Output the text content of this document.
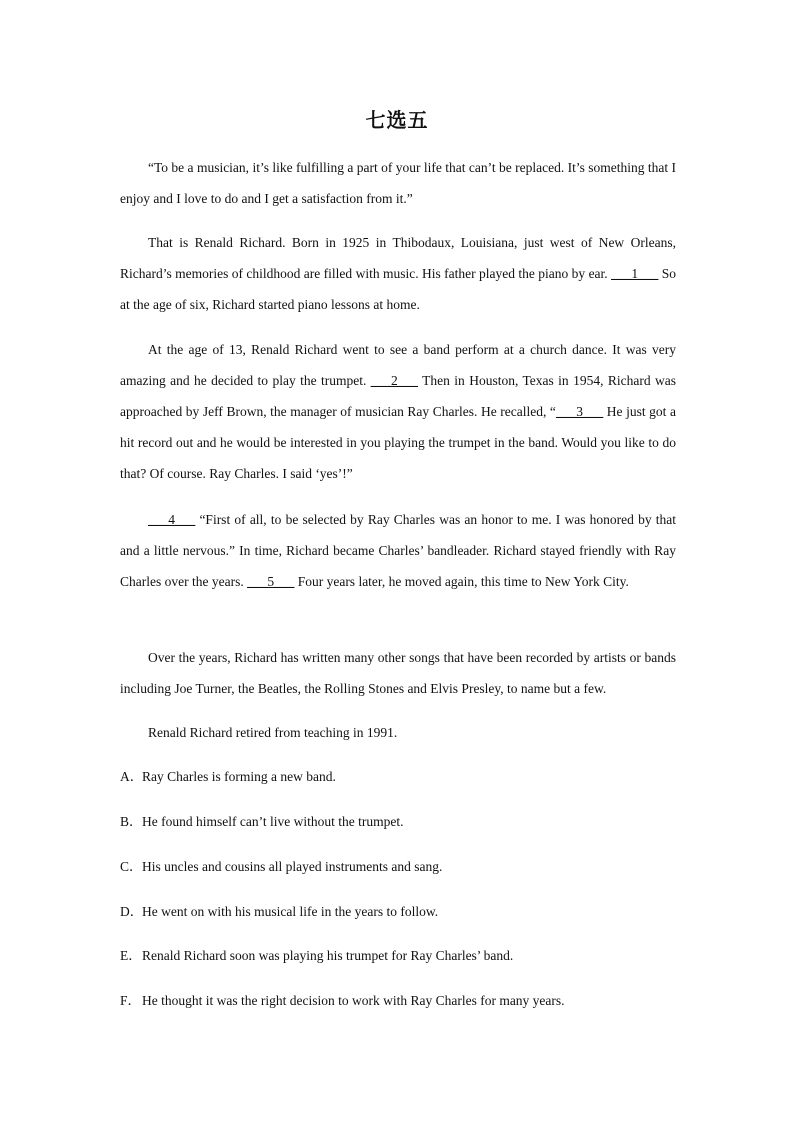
七选五

“To be a musician, it’s like fulfilling a part of your life that can’t be replaced. It’s something that I enjoy and I love to do and I get a satisfaction from it.”

That is Renald Richard. Born in 1925 in Thibodaux, Louisiana, just west of New Orleans, Richard’s memories of childhood are filled with music. His father played the piano by ear. ___1___ So at the age of six, Richard started piano lessons at home.

At the age of 13, Renald Richard went to see a band perform at a church dance. It was very amazing and he decided to play the trumpet. ___2___ Then in Houston, Texas in 1954, Richard was approached by Jeff Brown, the manager of musician Ray Charles. He recalled, “___3___ He just got a hit record out and he would be interested in you playing the trumpet in the band. Would you like to do that? Of course. Ray Charles. I said ‘yes’!”

___4___ “First of all, to be selected by Ray Charles was an honor to me. I was honored by that and a little nervous.” In time, Richard became Charles’ bandleader. Richard stayed friendly with Ray Charles over the years. ___5___ Four years later, he moved again, this time to New York City.

Over the years, Richard has written many other songs that have been recorded by artists or bands including Joe Turner, the Beatles, the Rolling Stones and Elvis Presley, to name but a few.

Renald Richard retired from teaching in 1991.

A．Ray Charles is forming a new band.

B．He found himself can’t live without the trumpet.

C．His uncles and cousins all played instruments and sang.

D．He went on with his musical life in the years to follow.

E．Renald Richard soon was playing his trumpet for Ray Charles’ band.

F．He thought it was the right decision to work with Ray Charles for many years.
